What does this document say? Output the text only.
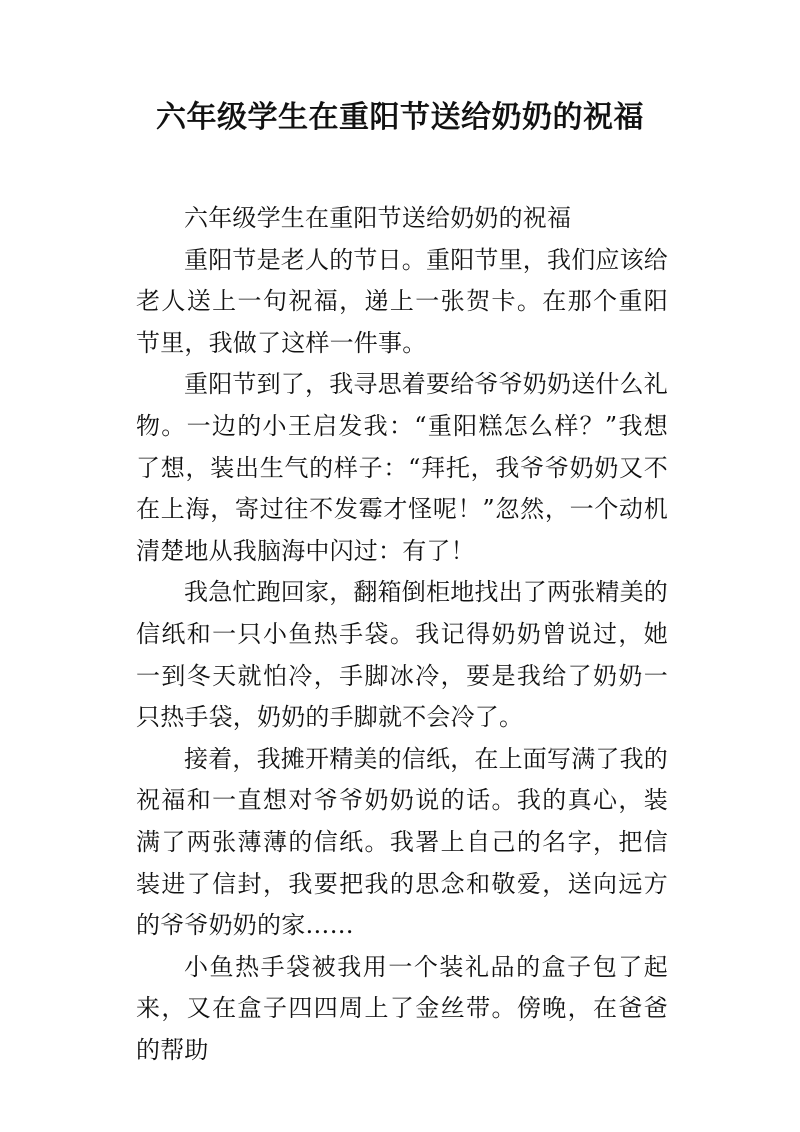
六年级学生在重阳节送给奶奶的祝福

六年级学生在重阳节送给奶奶的祝福

重阳节是老人的节日。重阳节里，我们应该给老人送上一句祝福，递上一张贺卡。在那个重阳节里，我做了这样一件事。

重阳节到了，我寻思着要给爷爷奶奶送什么礼物。一边的小王启发我：“重阳糕怎么样？”我想了想，装出生气的样子：“拜托，我爷爷奶奶又不在上海，寄过往不发霉才怪呢！”忽然，一个动机清楚地从我脑海中闪过：有了！

我急忙跑回家，翻箱倒柜地找出了两张精美的信纸和一只小鱼热手袋。我记得奶奶曾说过，她一到冬天就怕冷，手脚冰冷，要是我给了奶奶一只热手袋，奶奶的手脚就不会冷了。

接着，我摊开精美的信纸，在上面写满了我的祝福和一直想对爷爷奶奶说的话。我的真心，装满了两张薄薄的信纸。我署上自己的名字，把信装进了信封，我要把我的思念和敬爱，送向远方的爷爷奶奶的家……

小鱼热手袋被我用一个装礼品的盒子包了起来，又在盒子四四周上了金丝带。傍晚，在爸爸的帮助
